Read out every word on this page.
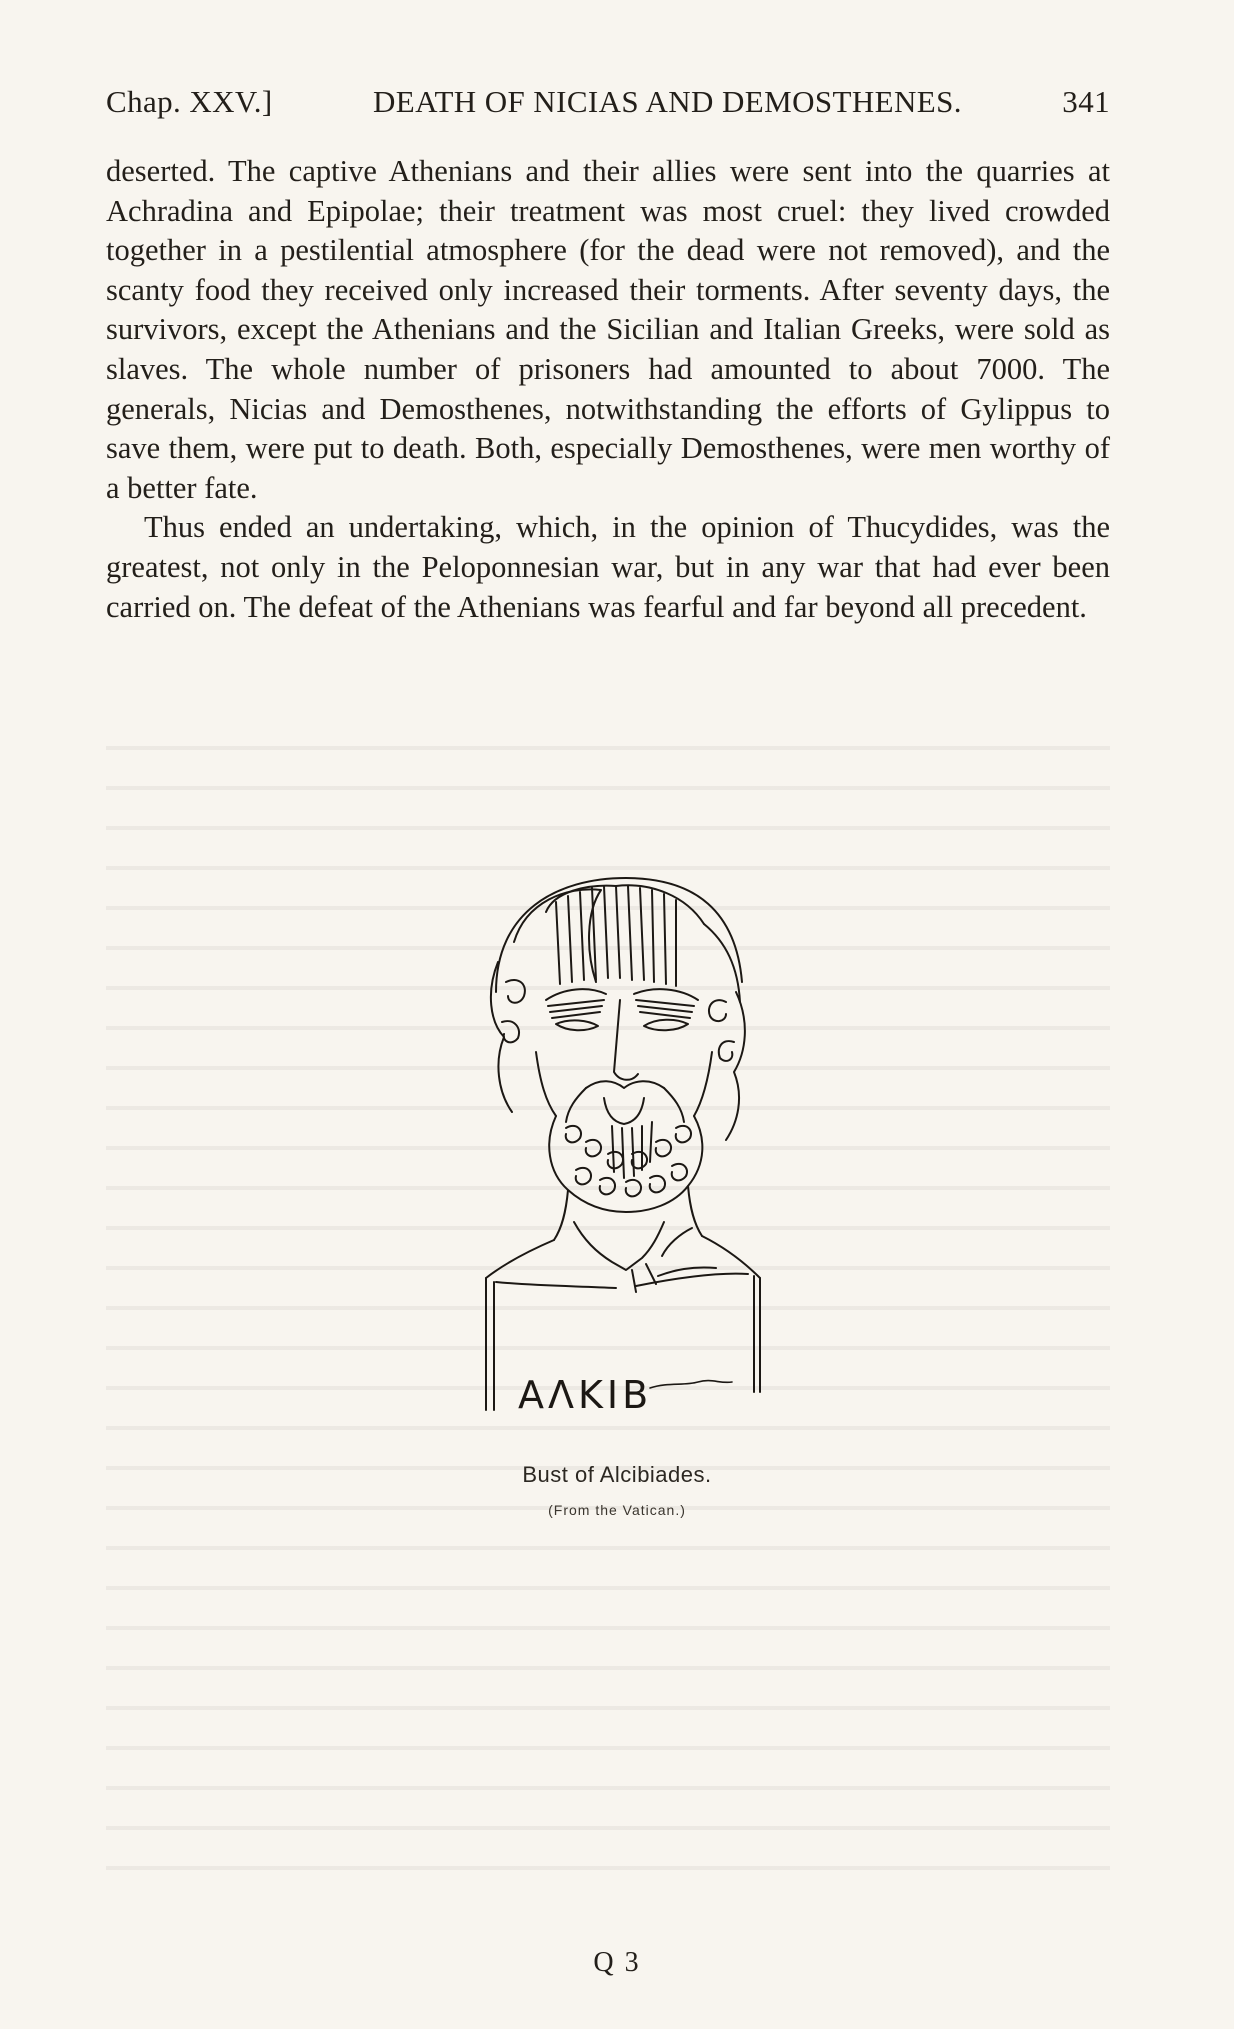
Chap. XXV.]	DEATH OF NICIAS AND DEMOSTHENES.	341

deserted. The captive Athenians and their allies were sent into the quarries at Achradina and Epipolae; their treatment was most cruel: they lived crowded together in a pestilential atmosphere (for the dead were not removed), and the scanty food they received only increased their torments. After seventy days, the survivors, except the Athenians and the Sicilian and Italian Greeks, were sold as slaves. The whole number of prisoners had amounted to about 7000. The generals, Nicias and Demosthenes, notwithstanding the efforts of Gylippus to save them, were put to death. Both, especially Demosthenes, were men worthy of a better fate.

Thus ended an undertaking, which, in the opinion of Thucydides, was the greatest, not only in the Peloponnesian war, but in any war that had ever been carried on. The defeat of the Athenians was fearful and far beyond all precedent.

ΑΛΚΙΒ
Bust of Alcibiades.
(From the Vatican.)
Q 3
